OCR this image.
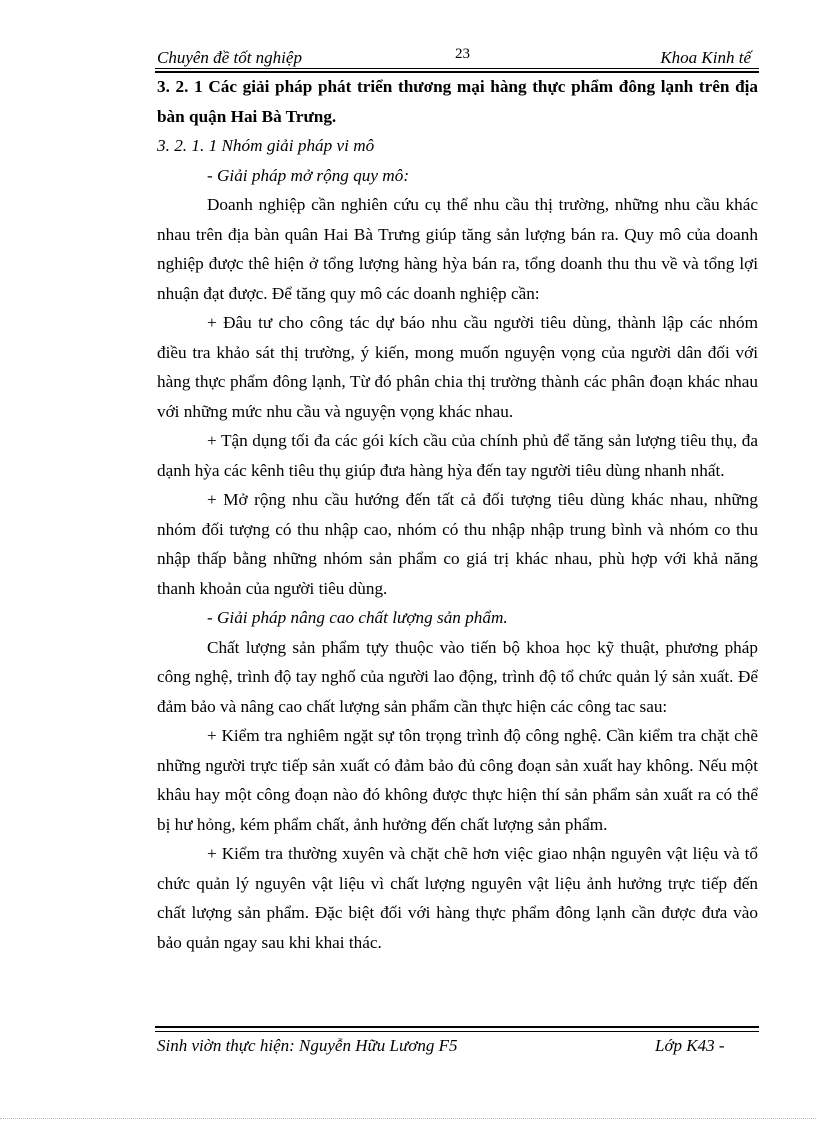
Chuyên đề tốt nghiệp	23	Khoa Kinh tế

3. 2. 1 Các giải pháp phát triển thương mại hàng thực phẩm đông lạnh trên địa bàn quận Hai Bà Trưng.

3. 2. 1. 1 Nhóm giải pháp vi mô

- Giải pháp mở rộng quy mô:

Doanh nghiệp cần nghiên cứu cụ thể nhu cầu thị trường, những nhu cầu khác nhau trên địa bàn quân Hai Bà Trưng giúp tăng sản lượng bán ra. Quy mô của doanh nghiệp được thê hiện ở tổng lượng hàng hỳa bán ra, tổng doanh thu thu về và tổng lợi nhuận đạt được. Để tăng quy mô các doanh nghiệp cần:

+ Đâu tư cho công tác dự báo nhu cầu người tiêu dùng, thành lập các nhóm điều tra khảo sát thị trường, ý kiến, mong muốn nguyện vọng của người dân đối với hàng thực phẩm đông lạnh, Từ đó phân chia thị trường thành các phân đoạn khác nhau với những mức nhu cầu và nguyện vọng khác nhau.

+ Tận dụng tối đa các gói kích cầu của chính phủ để tăng sản lượng tiêu thụ, đa dạnh hỳa các kênh tiêu thụ giúp đưa hàng hỳa đến tay người tiêu dùng nhanh nhất.

+ Mở rộng nhu cầu hướng đến tất cả đối tượng tiêu dùng khác nhau, những nhóm đối tượng có thu nhập cao, nhóm có thu nhập nhập trung bình và nhóm co thu nhập thấp bằng những nhóm sản phẩm co giá trị khác nhau, phù hợp với khả năng thanh khoản của người tiêu dùng.

- Giải pháp nâng cao chất lượng sản phẩm.

Chất lượng sản phẩm tựy thuộc vào tiến bộ khoa học kỹ thuật, phương pháp công nghệ, trình độ tay nghố của người lao động, trình độ tổ chức quản lý sản xuất. Để đảm bảo và nâng cao chất lượng sản phẩm cần thực hiện các công tac sau:

+ Kiểm tra nghiêm ngặt sự tôn trọng trình độ công nghệ. Cần kiểm tra chặt chẽ những người trực tiếp sản xuất có đảm bảo đủ công đoạn sản xuất hay không. Nếu một khâu hay một công đoạn nào đó không được thực hiện thí sản phẩm sản xuất ra có thể bị hư hỏng, kém phẩm chất, ảnh hưởng đến chất lượng sản phẩm.

+ Kiểm tra thường xuyên và chặt chẽ hơn việc giao nhận nguyên vật liệu và tổ chức quản lý nguyên vật liệu vì chất lượng nguyên vật liệu ảnh hưởng trực tiếp đến chất lượng sản phẩm. Đặc biệt đối với hàng thực phẩm đông lạnh cần được đưa vào bảo quản ngay sau khi khai thác.

Sinh viờn thực hiện: Nguyễn Hữu Lương F5	Lớp K43 -
